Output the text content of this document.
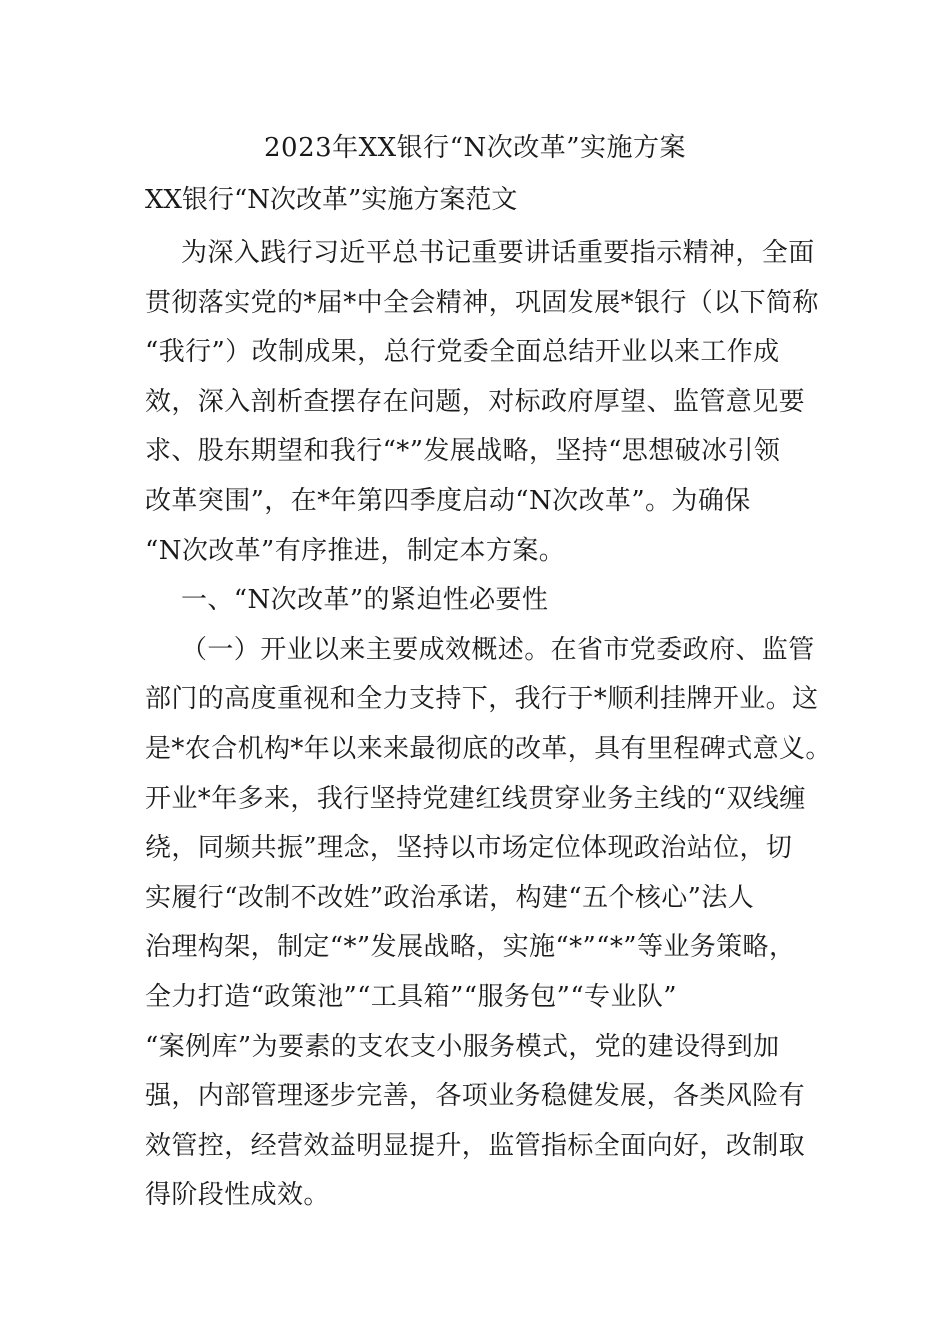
2023年XX银行“N次改革”实施方案
XX银行“N次改革”实施方案范文
为深入践行习近平总书记重要讲话重要指示精神，全面
贯彻落实党的*届*中全会精神，巩固发展*银行（以下简称
“我行”）改制成果，总行党委全面总结开业以来工作成
效，深入剖析查摆存在问题，对标政府厚望、监管意见要
求、股东期望和我行“*”发展战略，坚持“思想破冰引领
改革突围”，在*年第四季度启动“N次改革”。为确保
“N次改革”有序推进，制定本方案。
一、“N次改革”的紧迫性必要性
（一）开业以来主要成效概述。在省市党委政府、监管
部门的高度重视和全力支持下，我行于*顺利挂牌开业。这
是*农合机构*年以来来最彻底的改革，具有里程碑式意义。
开业*年多来，我行坚持党建红线贯穿业务主线的“双线缠
绕，同频共振”理念，坚持以市场定位体现政治站位，切
实履行“改制不改姓”政治承诺，构建“五个核心”法人
治理构架，制定“*”发展战略，实施“*”“*”等业务策略，
全力打造“政策池”“工具箱”“服务包”“专业队”
“案例库”为要素的支农支小服务模式，党的建设得到加
强，内部管理逐步完善，各项业务稳健发展，各类风险有
效管控，经营效益明显提升，监管指标全面向好，改制取
得阶段性成效。
